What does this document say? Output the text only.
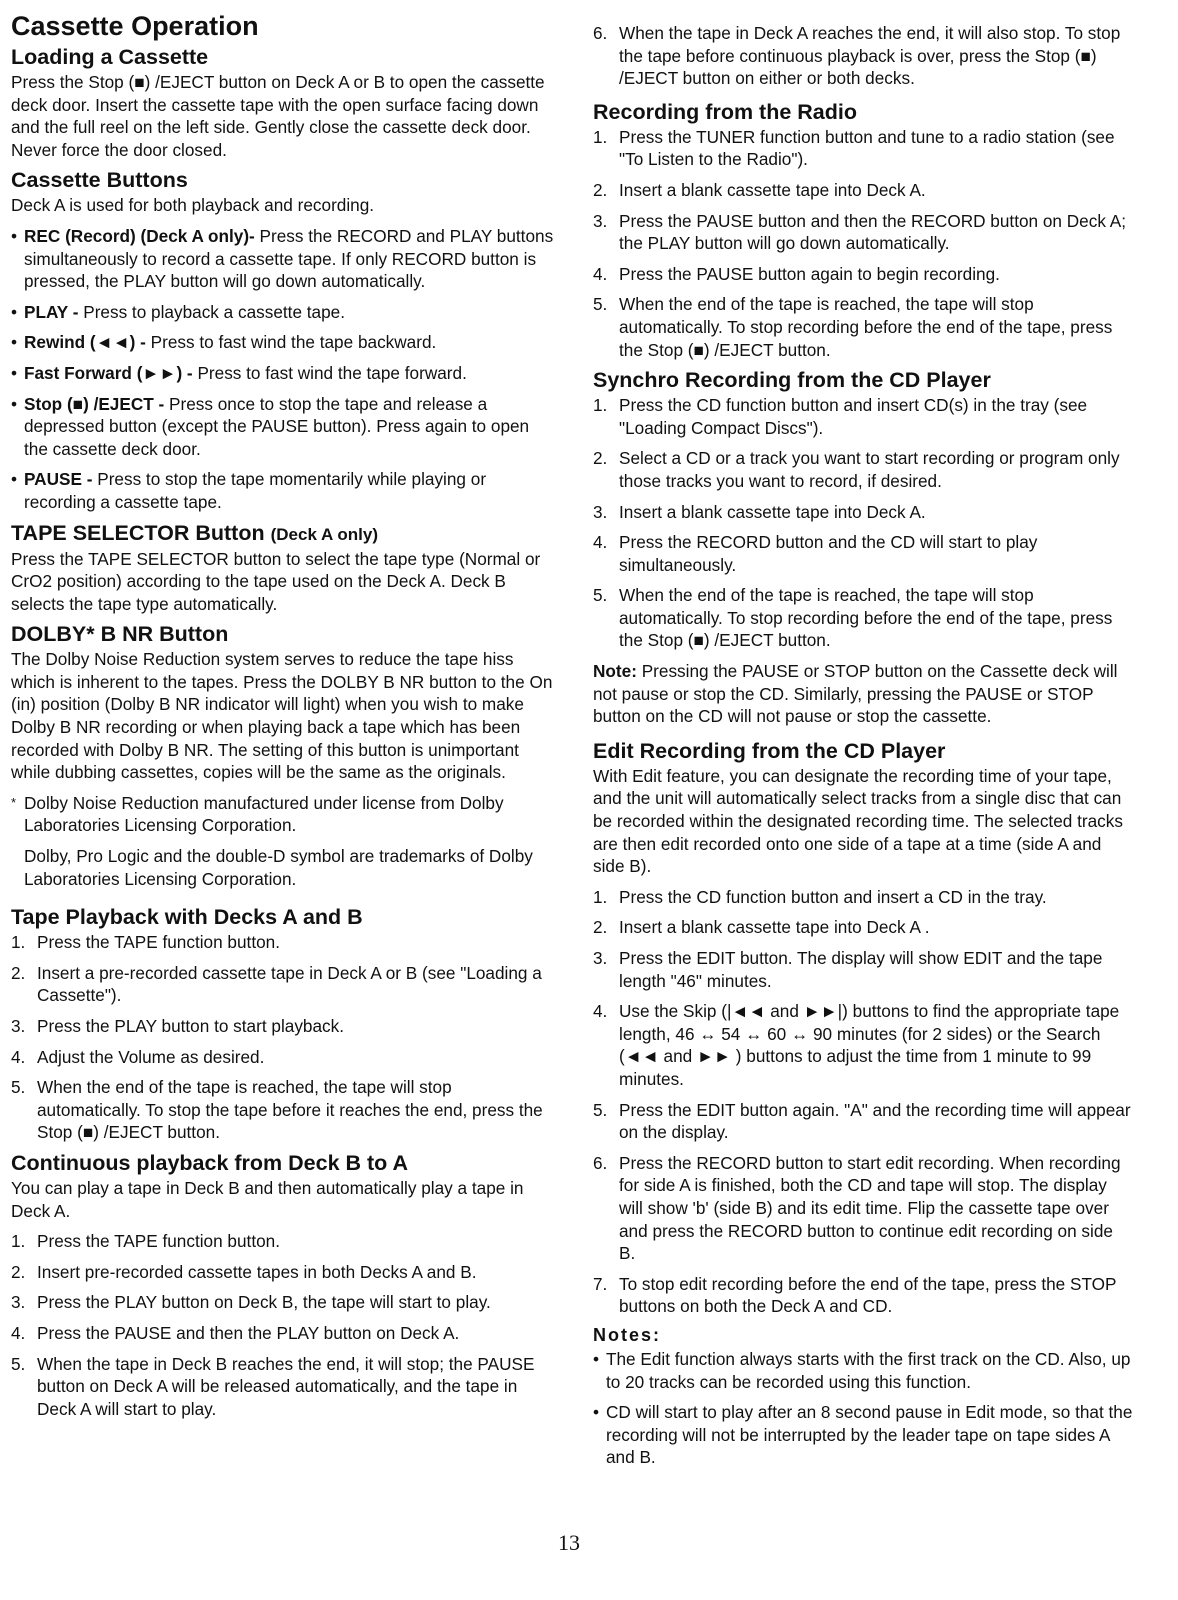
Cassette Operation
Loading a Cassette

Press the Stop (■) /EJECT button on Deck A or B to open the cassette deck door. Insert the cassette tape with the open surface facing down and the full reel on the left side. Gently close the cassette deck door. Never force the door closed.

Cassette Buttons

Deck A is used for both playback and recording.

• REC (Record) (Deck A only)- Press the RECORD and PLAY buttons simultaneously to record a cassette tape. If only RECORD button is pressed, the PLAY button will go down automatically.
• PLAY - Press to playback a cassette tape.
• Rewind (◄◄) - Press to fast wind the tape backward.
• Fast Forward (►►) - Press to fast wind the tape forward.
• Stop (■) /EJECT - Press once to stop the tape and release a depressed button (except the PAUSE button). Press again to open the cassette deck door.
• PAUSE - Press to stop the tape momentarily while playing or recording a cassette tape.
TAPE SELECTOR Button (Deck A only)

Press the TAPE SELECTOR button to select the tape type (Normal or CrO2 position) according to the tape used on the Deck A. Deck B selects the tape type automatically.

DOLBY* B NR Button

The Dolby Noise Reduction system serves to reduce the tape hiss which is inherent to the tapes. Press the DOLBY B NR button to the On (in) position (Dolby B NR indicator will light) when you wish to make Dolby B NR recording or when playing back a tape which has been recorded with Dolby B NR. The setting of this button is unimportant while dubbing cassettes, copies will be the same as the originals.

* Dolby Noise Reduction manufactured under license from Dolby Laboratories Licensing Corporation.
Dolby, Pro Logic and the double-D symbol are trademarks of Dolby Laboratories Licensing Corporation.
Tape Playback with Decks A and B
1. Press the TAPE function button.
2. Insert a pre-recorded cassette tape in Deck A or B (see "Loading a Cassette").
3. Press the PLAY button to start playback.
4. Adjust the Volume as desired.
5. When the end of the tape is reached, the tape will stop automatically. To stop the tape before it reaches the end, press the Stop (■) /EJECT button.
Continuous playback from Deck B to A

You can play a tape in Deck B and then automatically play a tape in Deck A.

1. Press the TAPE function button.
2. Insert pre-recorded cassette tapes in both Decks A and B.
3. Press the PLAY button on Deck B, the tape will start to play.
4. Press the PAUSE and then the PLAY button on Deck A.
5. When the tape in Deck B reaches the end, it will stop; the PAUSE button on Deck A will be released automatically, and the tape in Deck A will start to play.
6. When the tape in Deck A reaches the end, it will also stop. To stop the tape before continuous playback is over, press the Stop (■) /EJECT button on either or both decks.
Recording from the Radio
1. Press the TUNER function button and tune to a radio station (see "To Listen to the Radio").
2. Insert a blank cassette tape into Deck A.
3. Press the PAUSE button and then the RECORD button on Deck A; the PLAY button will go down automatically.
4. Press the PAUSE button again to begin recording.
5. When the end of the tape is reached, the tape will stop automatically. To stop recording before the end of the tape, press the Stop (■) /EJECT button.
Synchro Recording from the CD Player
1. Press the CD function button and insert CD(s) in the tray (see "Loading Compact Discs").
2. Select a CD or a track you want to start recording or program only those tracks you want to record, if desired.
3. Insert a blank cassette tape into Deck A.
4. Press the RECORD button and the CD will start to play simultaneously.
5. When the end of the tape is reached, the tape will stop automatically. To stop recording before the end of the tape, press the Stop (■) /EJECT button.

Note: Pressing the PAUSE or STOP button on the Cassette deck will not pause or stop the CD. Similarly, pressing the PAUSE or STOP button on the CD will not pause or stop the cassette.

Edit Recording from the CD Player

With Edit feature, you can designate the recording time of your tape, and the unit will automatically select tracks from a single disc that can be recorded within the designated recording time. The selected tracks are then edit recorded onto one side of a tape at a time (side A and side B).

1. Press the CD function button and insert a CD in the tray.
2. Insert a blank cassette tape into Deck A .
3. Press the EDIT button. The display will show EDIT and the tape length "46" minutes.
4. Use the Skip (|◄◄ and ►►|) buttons to find the appropriate tape length, 46 ↔ 54 ↔ 60 ↔ 90 minutes (for 2 sides) or the Search (◄◄ and ►► ) buttons to adjust the time from 1 minute to 99 minutes.
5. Press the EDIT button again. "A" and the recording time will appear on the display.
6. Press the RECORD button to start edit recording. When recording for side A is finished, both the CD and tape will stop. The display will show 'b' (side B) and its edit time. Flip the cassette tape over and press the RECORD button to continue edit recording on side B.
7. To stop edit recording before the end of the tape, press the STOP buttons on both the Deck A and CD.
Notes:
• The Edit function always starts with the first track on the CD. Also, up to 20 tracks can be recorded using this function.
• CD will start to play after an 8 second pause in Edit mode, so that the recording will not be interrupted by the leader tape on tape sides A and B.
13
